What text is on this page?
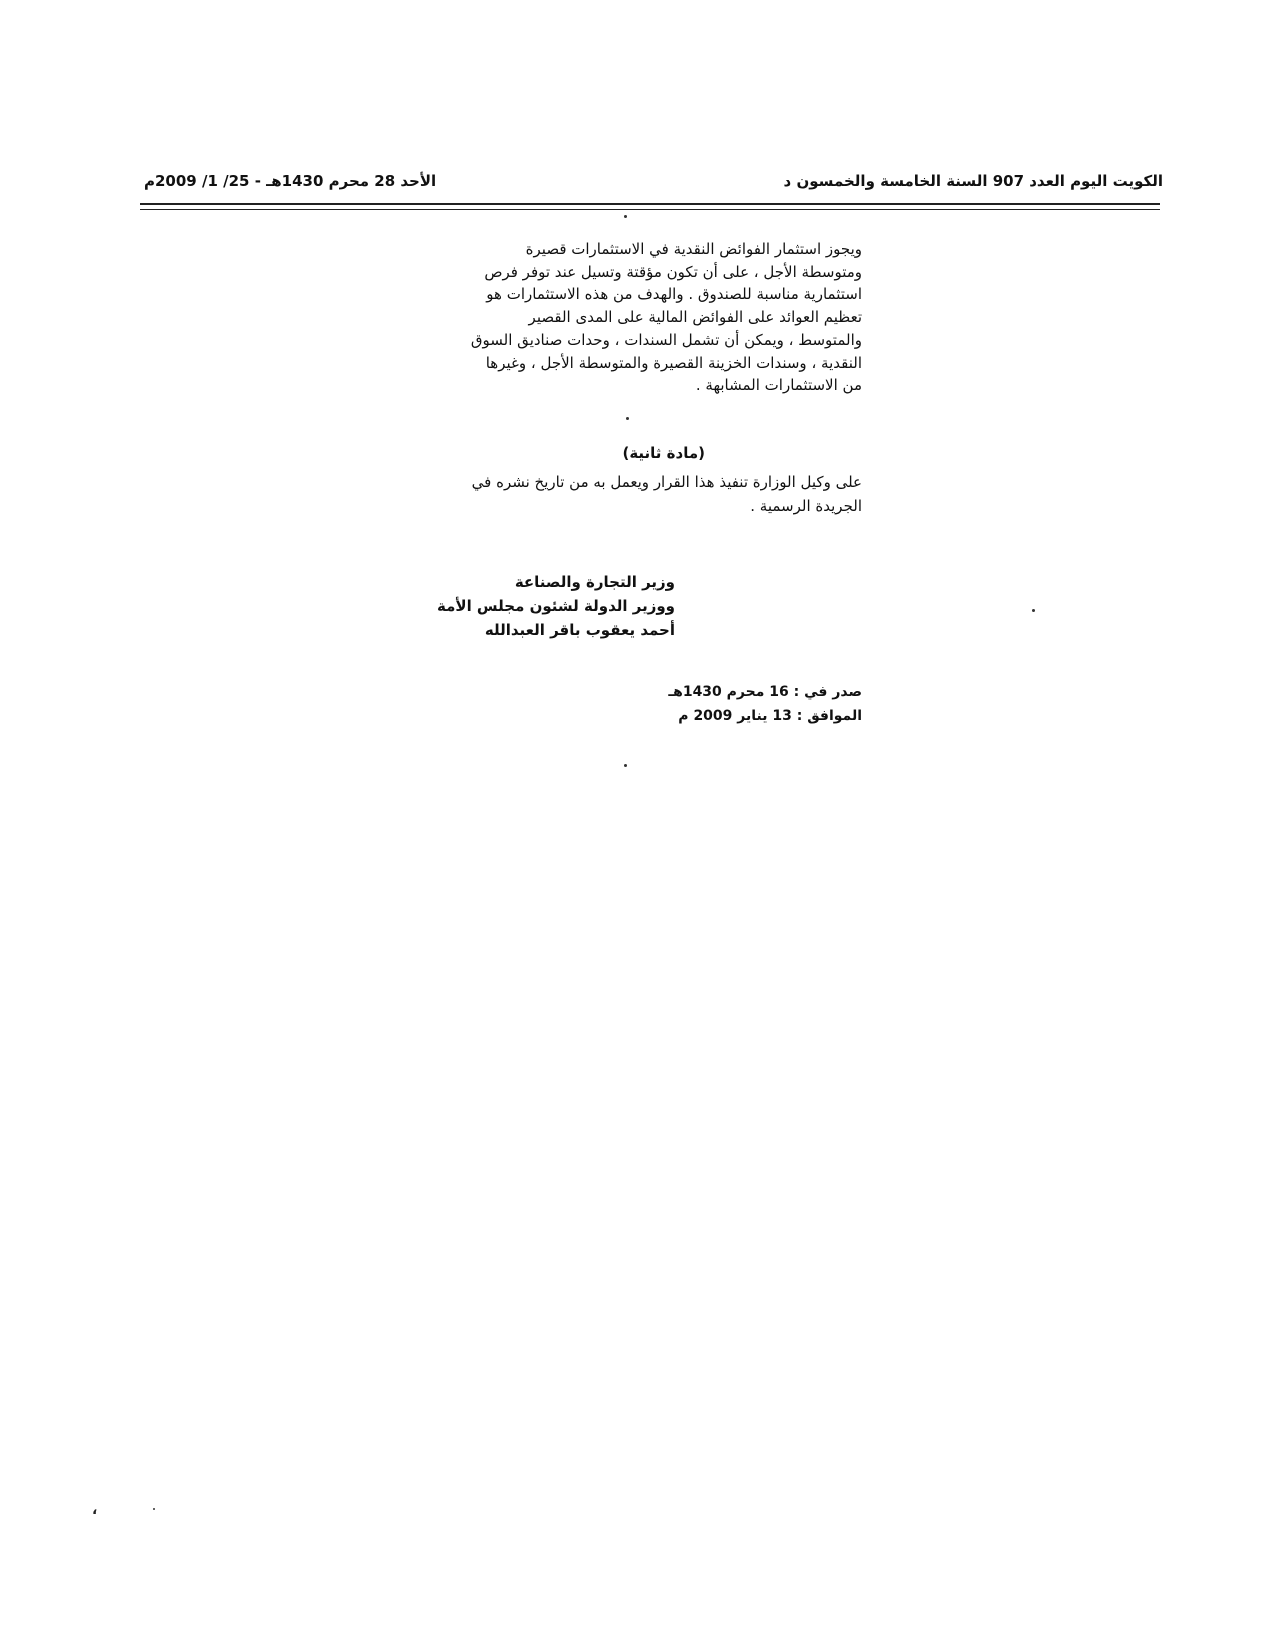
الكويت اليوم العدد 907 السنة الخامسة والخمسون د
الأحد 28 محرم 1430هـ - 25/ 1/ 2009م
ويجوز استثمار الفوائض النقدية في الاستثمارات قصيرة
ومتوسطة الأجل ، على أن تكون مؤقتة وتسيل عند توفر فرص
استثمارية مناسبة للصندوق . والهدف من هذه الاستثمارات هو
تعظيم العوائد على الفوائض المالية على المدى القصير
والمتوسط ، ويمكن أن تشمل السندات ، وحدات صناديق السوق
النقدية ، وسندات الخزينة القصيرة والمتوسطة الأجل ، وغيرها
من الاستثمارات المشابهة .
(مادة ثانية)
على وكيل الوزارة تنفيذ هذا القرار ويعمل به من تاريخ نشره في
الجريدة الرسمية .
وزير التجارة والصناعة
ووزير الدولة لشئون مجلس الأمة
أحمد يعقوب باقر العبدالله
صدر في : 16 محرم 1430هـ
الموافق : 13 يناير 2009 م
،
